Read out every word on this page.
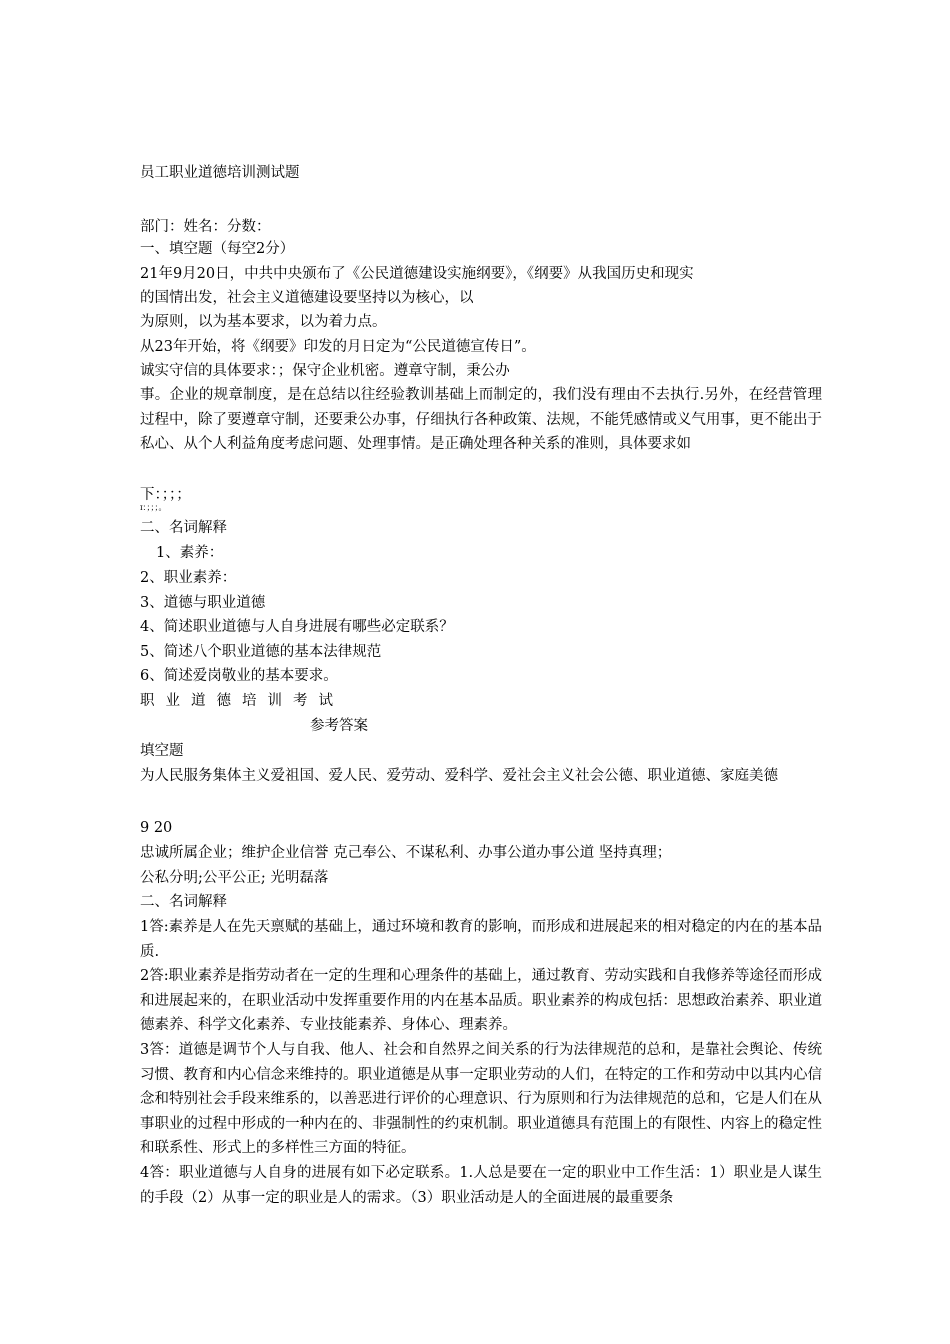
员工职业道德培训测试题
部门：姓名：分数：
一、填空题（每空2分）
21年9月20日，中共中央颁布了《公民道德建设实施纲要》，《纲要》从我国历史和现实
的国情出发，社会主义道德建设要坚持以为核心，以
为原则，以为基本要求，以为着力点。
从23年开始，将《纲要》印发的月日定为“公民道德宣传日”。
诚实守信的具体要求：；保守企业机密。遵章守制，秉公办
事。企业的规章制度，是在总结以往经验教训基础上而制定的，我们没有理由不去执行.另外，在经营管理过程中，除了要遵章守制，还要秉公办事，仔细执行各种政策、法规，不能凭感情或义气用事，更不能出于私心、从个人利益角度考虑问题、处理事情。是正确处理各种关系的准则，具体要求如
下：；；；
ɪ：；；；。
二、名词解释
1、素养：
2、职业素养：
3、道德与职业道德
4、简述职业道德与人自身进展有哪些必定联系？
5、简述八个职业道德的基本法律规范
6、简述爱岗敬业的基本要求。
职业道德培训考试
参考答案
填空题
为人民服务集体主义爱祖国、爱人民、爱劳动、爱科学、爱社会主义社会公德、职业道德、家庭美德
9 20
忠诚所属企业；维护企业信誉 克己奉公、不谋私利、办事公道办事公道 坚持真理；
公私分明;公平公正; 光明磊落
二、名词解释
1答:素养是人在先天禀赋的基础上，通过环境和教育的影响，而形成和进展起来的相对稳定的内在的基本品质.
2答:职业素养是指劳动者在一定的生理和心理条件的基础上，通过教育、劳动实践和自我修养等途径而形成和进展起来的，在职业活动中发挥重要作用的内在基本品质。职业素养的构成包括：思想政治素养、职业道德素养、科学文化素养、专业技能素养、身体心、理素养。
3答：道德是调节个人与自我、他人、社会和自然界之间关系的行为法律规范的总和，是靠社会舆论、传统习惯、教育和内心信念来维持的。职业道德是从事一定职业劳动的人们，在特定的工作和劳动中以其内心信念和特别社会手段来维系的，以善恶进行评价的心理意识、行为原则和行为法律规范的总和，它是人们在从事职业的过程中形成的一种内在的、非强制性的约束机制。职业道德具有范围上的有限性、内容上的稳定性和联系性、形式上的多样性三方面的特征。
4答：职业道德与人自身的进展有如下必定联系。1.人总是要在一定的职业中工作生活：1）职业是人谋生的手段（2）从事一定的职业是人的需求。（3）职业活动是人的全面进展的最重要条
